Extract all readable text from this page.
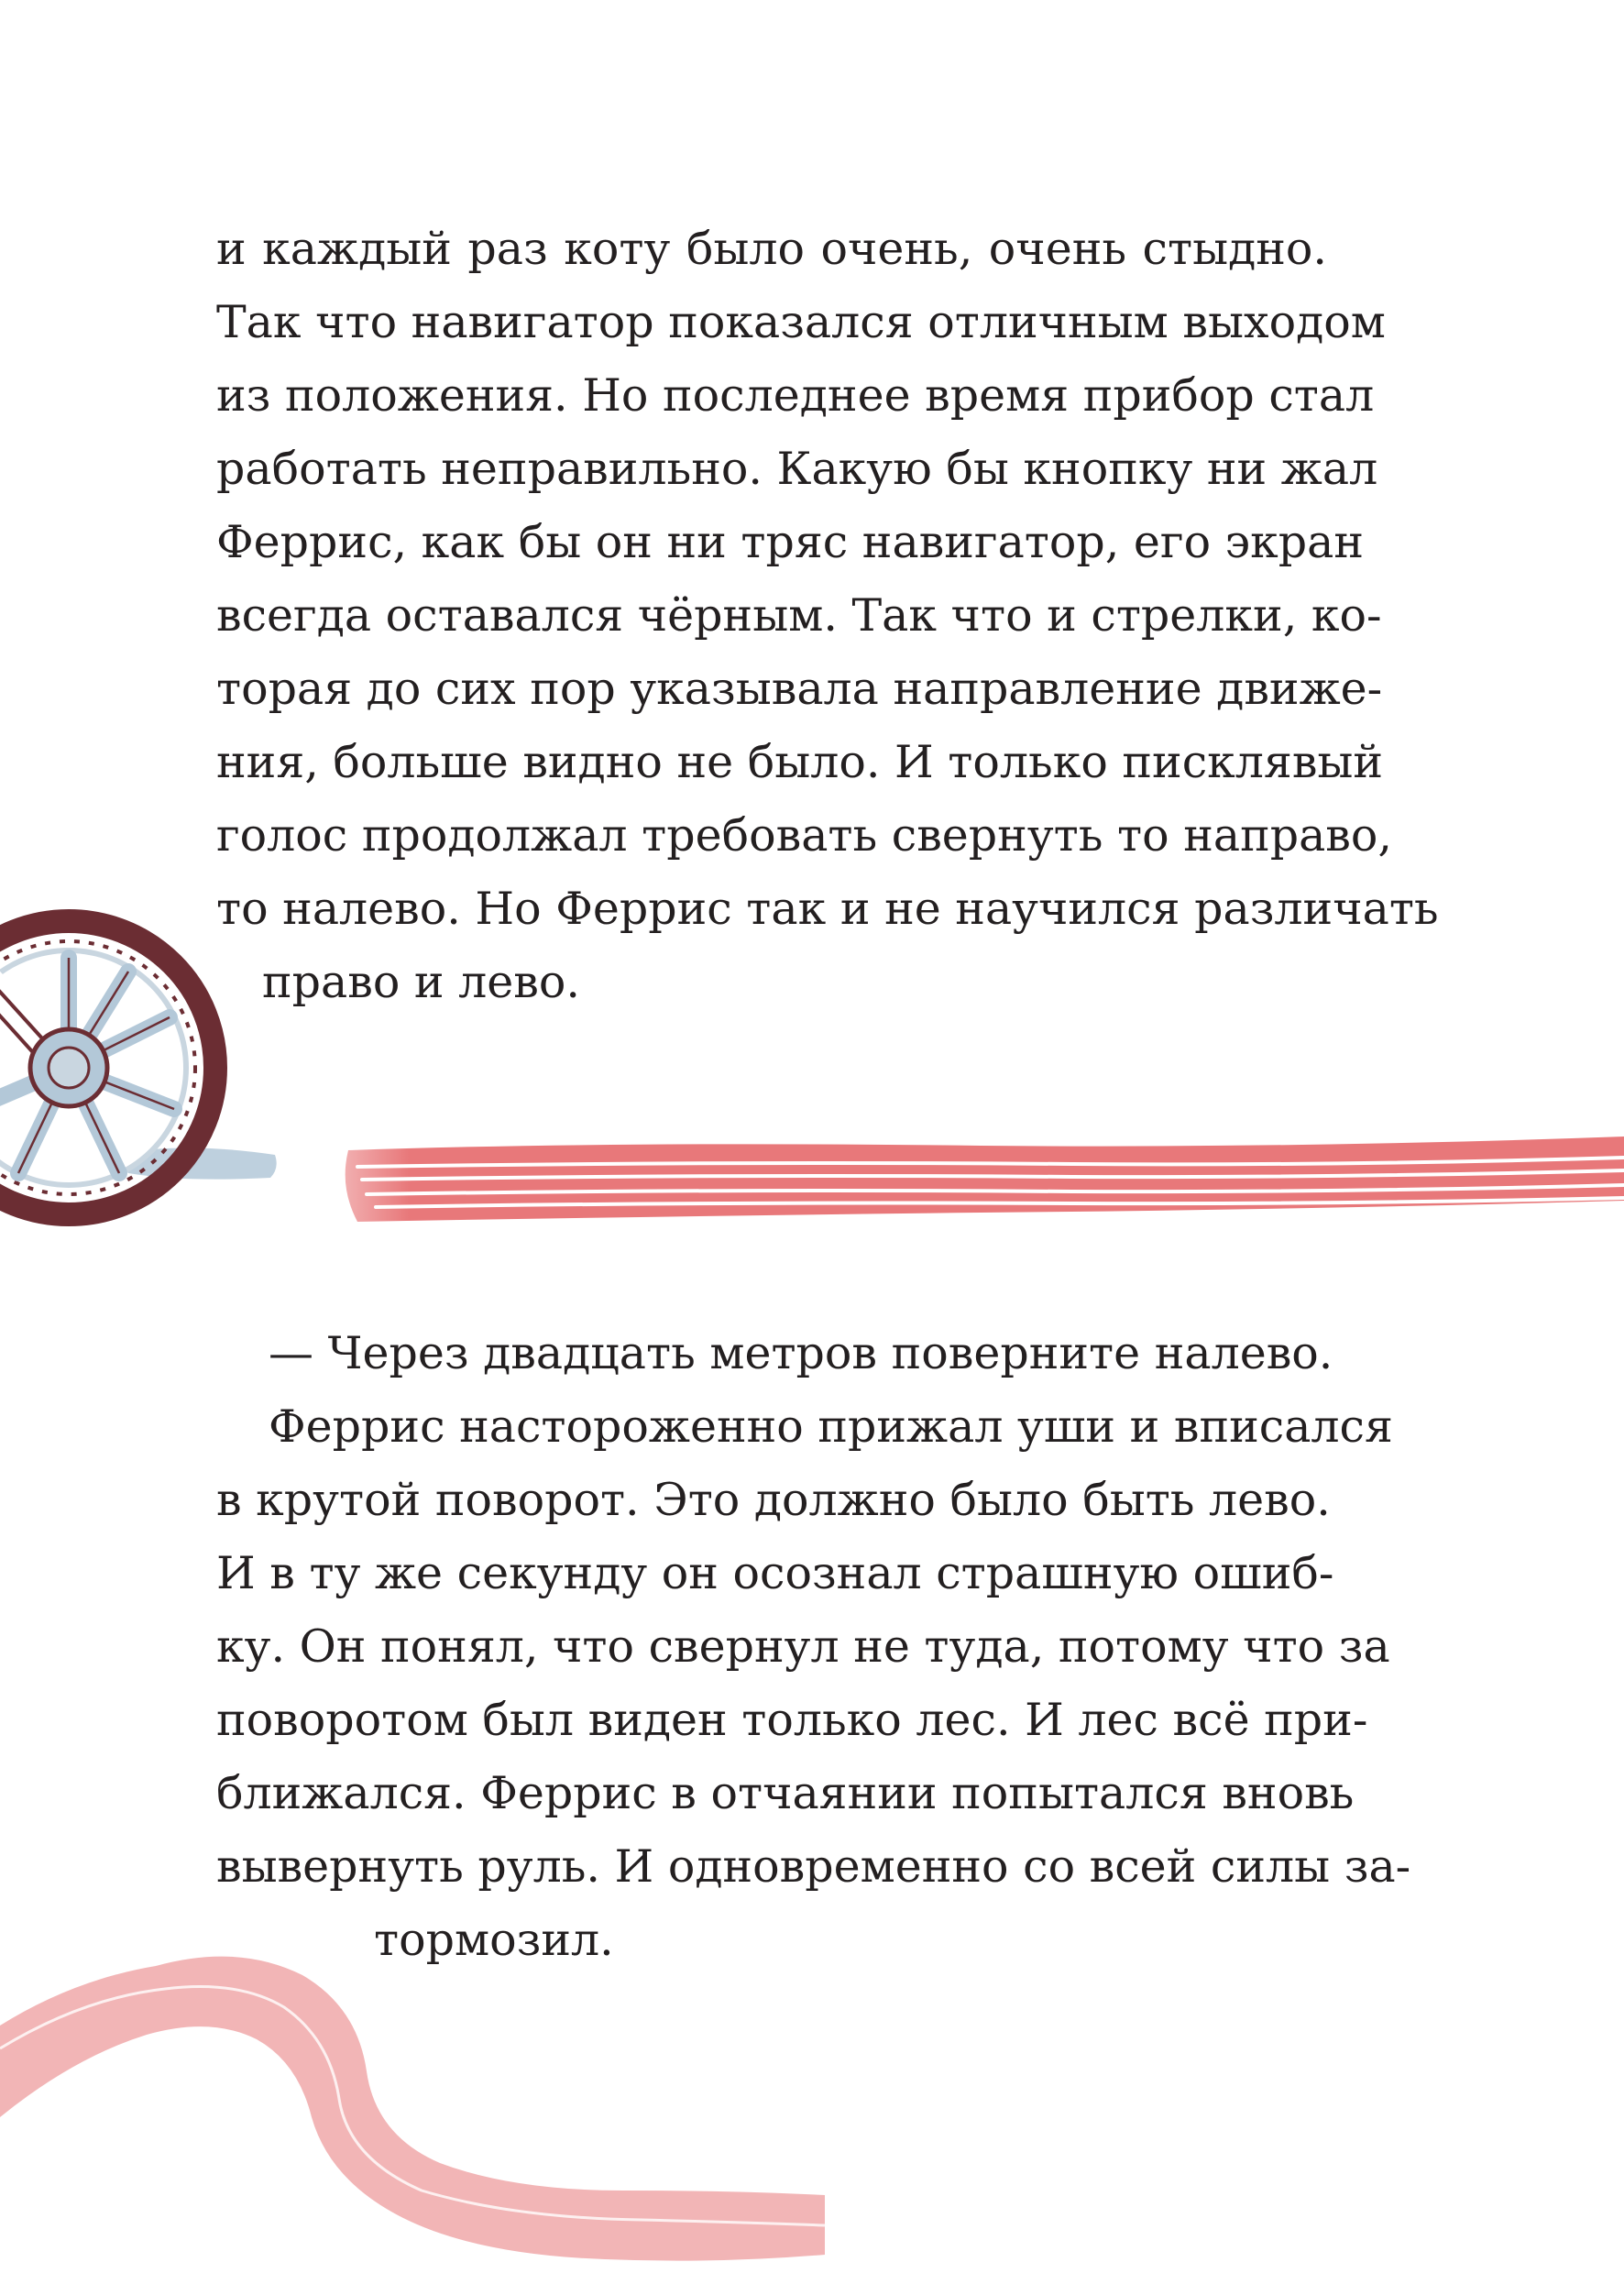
и каждый раз коту было очень, очень стыдно.
Так что навигатор показался отличным выходом
из положения. Но последнее время прибор стал
работать неправильно. Какую бы кнопку ни жал
Феррис, как бы он ни тряс навигатор, его экран
всегда оставался чёрным. Так что и стрелки, ко-
торая до сих пор указывала направление движе-
ния, больше видно не было. И только писклявый
голос продолжал требовать свернуть то направо,
то налево. Но Феррис так и не научился различать
право и лево.
— Через двадцать метров поверните налево.
Феррис настороженно прижал уши и вписался
в крутой поворот. Это должно было быть лево.
И в ту же секунду он осознал страшную ошиб-
ку. Он понял, что свернул не туда, потому что за
поворотом был виден только лес. И лес всё при-
ближался. Феррис в отчаянии попытался вновь
вывернуть руль. И одновременно со всей силы за-
тормозил.
